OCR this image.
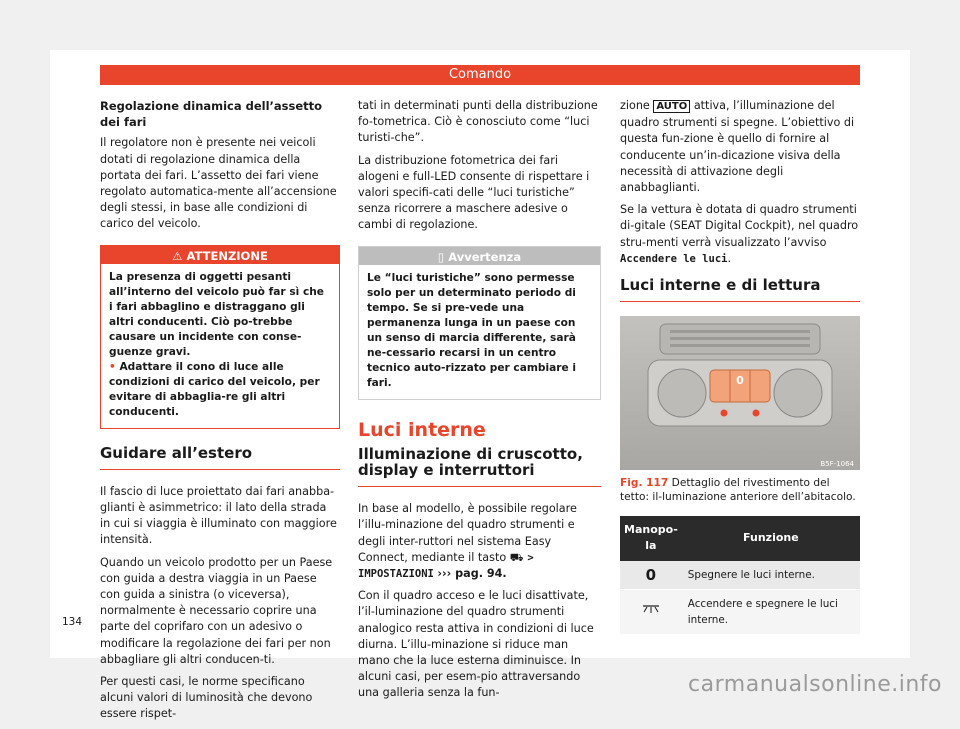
Comando
Regolazione dinamica dell’assetto dei fari

Il regolatore non è presente nei veicoli dotati di regolazione dinamica della portata dei fari. L’assetto dei fari viene regolato automatica-mente all’accensione degli stessi, in base alle condizioni di carico del veicolo.

⚠ ATTENZIONE
La presenza di oggetti pesanti all’interno del veicolo può far sì che i fari abbaglino e distraggano gli altri conducenti. Ciò po-trebbe causare un incidente con conse-guenze gravi.
• Adattare il cono di luce alle condizioni di carico del veicolo, per evitare di abbaglia-re gli altri conducenti.
Guidare all’estero

Il fascio di luce proiettato dai fari anabba-glianti è asimmetrico: il lato della strada in cui si viaggia è illuminato con maggiore intensità.

Quando un veicolo prodotto per un Paese con guida a destra viaggia in un Paese con guida a sinistra (o viceversa), normalmente è necessario coprire una parte del coprifaro con un adesivo o modificare la regolazione dei fari per non abbagliare gli altri conducen-ti.

Per questi casi, le norme specificano alcuni valori di luminosità che devono essere rispet-

tati in determinati punti della distribuzione fo-tometrica. Ciò è conosciuto come “luci turisti-che”.

La distribuzione fotometrica dei fari alogeni e full-LED consente di rispettare i valori specifi-cati delle “luci turistiche” senza ricorrere a maschere adesive o cambi di regolazione.

▯ Avvertenza
Le “luci turistiche” sono permesse solo per un determinato periodo di tempo. Se si pre-vede una permanenza lunga in un paese con un senso di marcia differente, sarà ne-cessario recarsi in un centro tecnico auto-rizzato per cambiare i fari.
Luci interne
Illuminazione di cruscotto, display e interruttori

In base al modello, è possibile regolare l’illu-minazione del quadro strumenti e degli inter-ruttori nel sistema Easy Connect, mediante il tasto ⛟ > IMPOSTAZIONI ››› pag. 94.

Con il quadro acceso e le luci disattivate, l’il-luminazione del quadro strumenti analogico resta attiva in condizioni di luce diurna. L’illu-minazione si riduce man mano che la luce esterna diminuisce. In alcuni casi, per esem-pio attraversando una galleria senza la fun-

zione AUTO attiva, l’illuminazione del quadro strumenti si spegne. L’obiettivo di questa fun-zione è quello di fornire al conducente un’in-dicazione visiva della necessità di attivazione degli anabbaglianti.

Se la vettura è dotata di quadro strumenti di-gitale (SEAT Digital Cockpit), nel quadro stru-menti verrà visualizzato l’avviso Accendere le luci.

Luci interne e di lettura
0
B5F-1064
Fig. 117 Dettaglio del rivestimento del tetto: il-luminazione anteriore dell’abitacolo.
Manopo-la	Funzione
0	Spegnere le luci interne.
	Accendere e spegnere le luci interne.
134
carmanualsonline.info
